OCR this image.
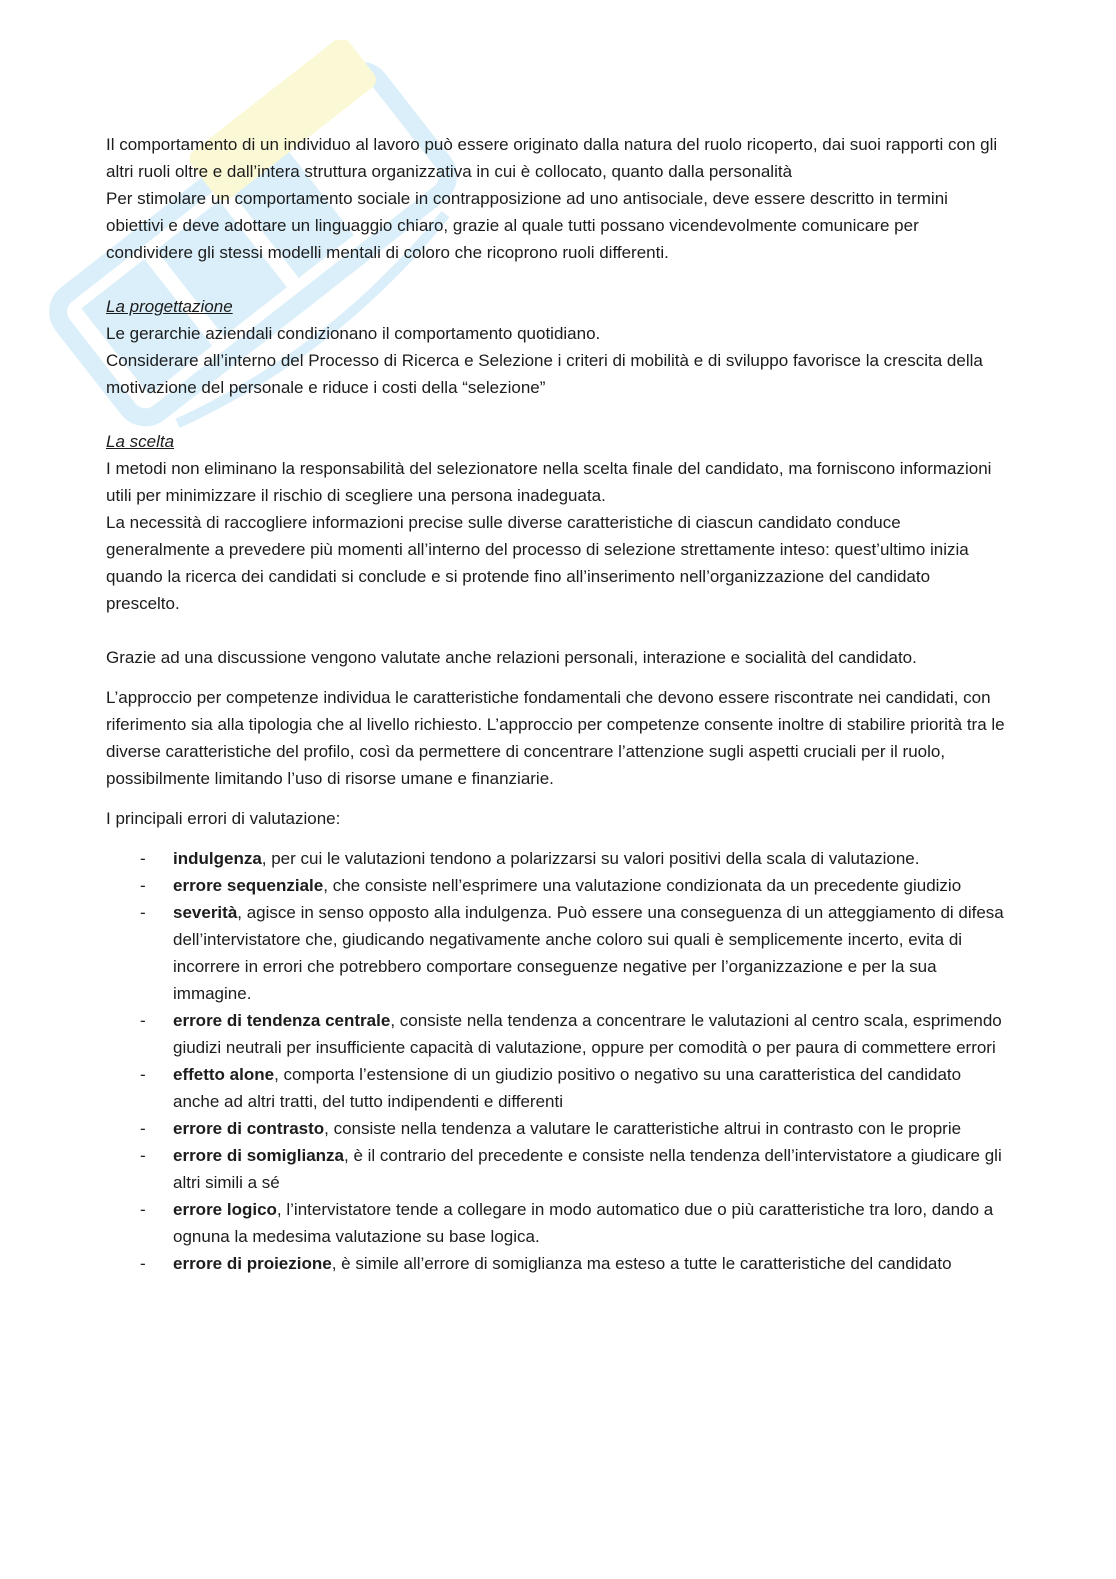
Il comportamento di un individuo al lavoro può essere originato dalla natura del ruolo ricoperto, dai suoi rapporti con gli altri ruoli oltre e dall’intera struttura organizzativa in cui è collocato, quanto dalla personalità

Per stimolare un comportamento sociale in contrapposizione ad uno antisociale, deve essere descritto in termini obiettivi e deve adottare un linguaggio chiaro, grazie al quale tutti possano vicendevolmente comunicare per condividere gli stessi modelli mentali di coloro che ricoprono ruoli differenti.

La progettazione

Le gerarchie aziendali condizionano il comportamento quotidiano.

Considerare all’interno del Processo di Ricerca e Selezione i criteri di mobilità e di sviluppo favorisce la crescita della motivazione del personale e riduce i costi della “selezione”

La scelta

I metodi non eliminano la responsabilità del selezionatore nella scelta finale del candidato, ma forniscono informazioni utili per minimizzare il rischio di scegliere una persona inadeguata.

La necessità di raccogliere informazioni precise sulle diverse caratteristiche di ciascun candidato conduce generalmente a prevedere più momenti all’interno del processo di selezione strettamente inteso: quest’ultimo inizia quando la ricerca dei candidati si conclude e si protende fino all’inserimento nell’organizzazione del candidato prescelto.

Grazie ad una discussione vengono valutate anche relazioni personali, interazione e socialità del candidato.

L’approccio per competenze individua le caratteristiche fondamentali che devono essere riscontrate nei candidati, con riferimento sia alla tipologia che al livello richiesto. L’approccio per competenze consente inoltre di stabilire priorità tra le diverse caratteristiche del profilo, così da permettere di concentrare l’attenzione sugli aspetti cruciali per il ruolo, possibilmente limitando l’uso di risorse umane e finanziarie.

I principali errori di valutazione:

- indulgenza, per cui le valutazioni tendono a polarizzarsi su valori positivi della scala di valutazione.
- errore sequenziale, che consiste nell’esprimere una valutazione condizionata da un precedente giudizio
- severità, agisce in senso opposto alla indulgenza. Può essere una conseguenza di un atteggiamento di difesa dell’intervistatore che, giudicando negativamente anche coloro sui quali è semplicemente incerto, evita di incorrere in errori che potrebbero comportare conseguenze negative per l’organizzazione e per la sua immagine.
- errore di tendenza centrale, consiste nella tendenza a concentrare le valutazioni al centro scala, esprimendo giudizi neutrali per insufficiente capacità di valutazione, oppure per comodità o per paura di commettere errori
- effetto alone, comporta l’estensione di un giudizio positivo o negativo su una caratteristica del candidato anche ad altri tratti, del tutto indipendenti e differenti
- errore di contrasto, consiste nella tendenza a valutare le caratteristiche altrui in contrasto con le proprie
- errore di somiglianza, è il contrario del precedente e consiste nella tendenza dell’intervistatore a giudicare gli altri simili a sé
- errore logico, l’intervistatore tende a collegare in modo automatico due o più caratteristiche tra loro, dando a ognuna la medesima valutazione su base logica.
- errore di proiezione, è simile all’errore di somiglianza ma esteso a tutte le caratteristiche del candidato
